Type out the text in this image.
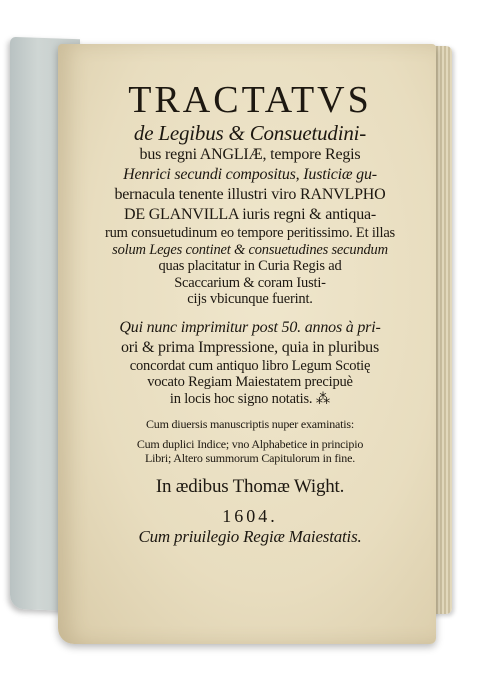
TRACTATVS
de Legibus & Consuetudini-
bus regni ANGLIÆ, tempore Regis
Henrici secundi compositus, Iusticiæ gu-
bernacula tenente illustri viro RANVLPHO
DE GLANVILLA iuris regni & antiqua-
rum consuetudinum eo tempore peritissimo. Et illas
solum Leges continet & consuetudines secundum
quas placitatur in Curia Regis ad
Scaccarium & coram Iusti-
cijs vbicunque fuerint.
Qui nunc imprimitur post 50. annos à pri-
ori & prima Impressione, quia in pluribus
concordat cum antiquo libro Legum Scotię
vocato Regiam Maiestatem precipuè
in locis hoc signo notatis. ⁂
Cum diuersis manuscriptis nuper examinatis:
Cum duplici Indice; vno Alphabetice in principio
Libri; Altero summorum Capitulorum in fine.
In ædibus Thomæ Wight.
1604.
Cum priuilegio Regiæ Maiestatis.
